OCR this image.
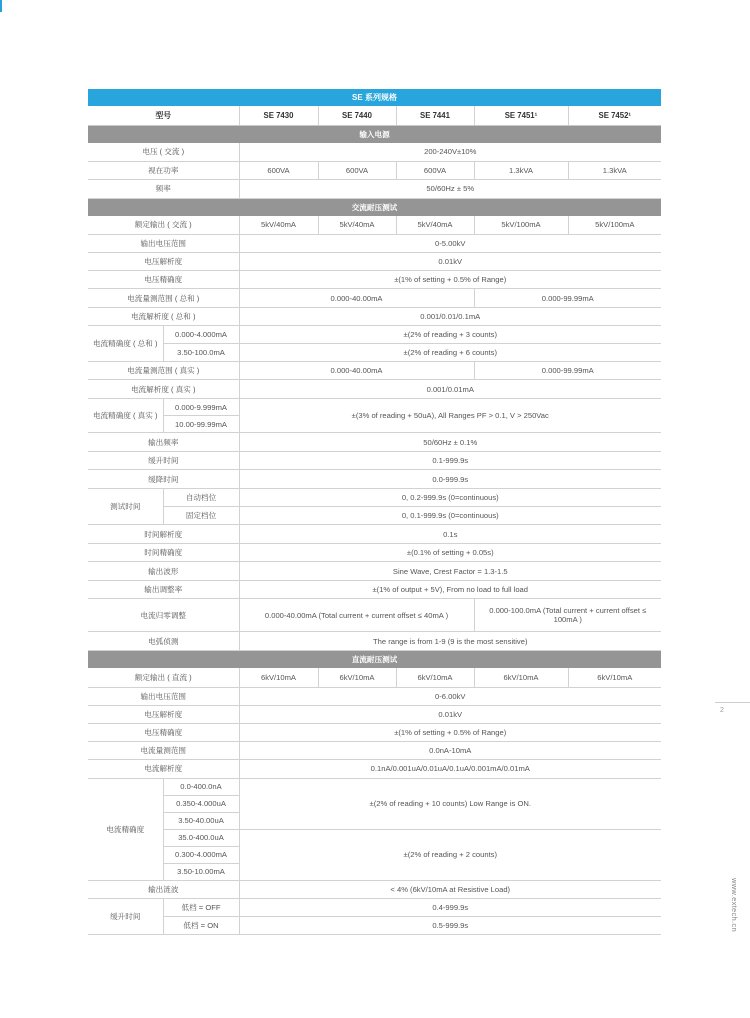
SE 系列规格						
型号		SE 7430	SE 7440	SE 7441	SE 7451¹	SE 7452¹
输入电源						
电压 ( 交流 )		200-240V±10%				
视在功率		600VA	600VA	600VA	1.3kVA	1.3kVA
频率		50/60Hz ± 5%				
交流耐压测试						
额定输出 ( 交流 )		5kV/40mA	5kV/40mA	5kV/40mA	5kV/100mA	5kV/100mA
输出电压范围		0-5.00kV				
电压解析度		0.01kV				
电压精确度		±(1% of setting + 0.5% of Range)				
电流量测范围 ( 总和 )		0.000-40.00mA			0.000-99.99mA	
电流解析度 ( 总和 )		0.001/0.01/0.1mA				
电流精确度 ( 总和 )	0.000-4.000mA	±(2% of reading + 3 counts)				
	3.50-100.0mA	±(2% of reading + 6 counts)				
电流量测范围 ( 真实 )		0.000-40.00mA			0.000-99.99mA	
电流解析度 ( 真实 )		0.001/0.01mA				
电流精确度 ( 真实 )	0.000-9.999mA	±(3% of reading + 50uA), All Ranges PF > 0.1, V > 250Vac				
	10.00-99.99mA					
输出频率		50/60Hz ± 0.1%				
缓升时间		0.1-999.9s				
缓降时间		0.0-999.9s				
测试时间	自动档位	0, 0.2-999.9s (0=continuous)				
	固定档位	0, 0.1-999.9s (0=continuous)				
时间解析度		0.1s				
时间精确度		±(0.1% of setting + 0.05s)				
输出波形		Sine Wave, Crest Factor = 1.3-1.5				
输出调整率		±(1% of output + 5V), From no load to full load				
电流归零调整		0.000-40.00mA (Total current + current offset ≤ 40mA )			0.000-100.0mA (Total current + current offset ≤ 100mA )	
电弧侦测		The range is from 1-9 (9 is the most sensitive)				
直流耐压测试						
额定输出 ( 直流 )		6kV/10mA	6kV/10mA	6kV/10mA	6kV/10mA	6kV/10mA
输出电压范围		0-6.00kV				
电压解析度		0.01kV				
电压精确度		±(1% of setting + 0.5% of Range)				
电流量测范围		0.0nA-10mA				
电流解析度		0.1nA/0.001uA/0.01uA/0.1uA/0.001mA/0.01mA				
电流精确度	0.0-400.0nA	±(2% of reading + 10 counts) Low Range is ON.				
	0.350-4.000uA					
	3.50-40.00uA					
	35.0-400.0uA	±(2% of reading + 2 counts)				
	0.300-4.000mA					
	3.50-10.00mA					
输出涟波		< 4% (6kV/10mA at Resistive Load)				
缓升时间	低档 = OFF	0.4-999.9s				
	低档 = ON	0.5-999.9s				
2
www.extech.cn
